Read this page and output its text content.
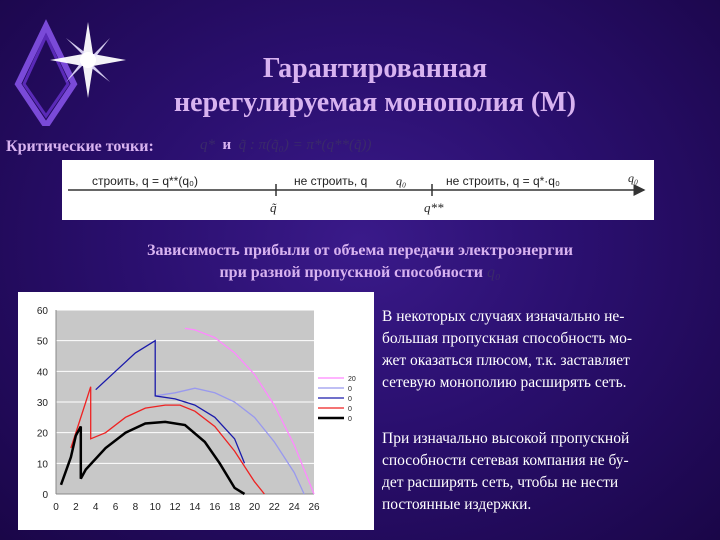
Гарантированная
нерегулируемая монополия (М)
Критические точки:	q* и q̃ : π(q̃₀) = π*(q**(q̃))
строить, q = q**(q₀)	не строить, q q₀	не строить, q = q*·q₀	q₀
q̃	q**
Зависимость прибыли от объема передачи электроэнергии
при разной пропускной способности q₀
0
10
20
30
40
50
60
0 2 4 6 8 10 12 14 16 18 20 22 24 26
20
0
0
0
0
В некоторых случаях изначально не-
большая пропускная способность мо-
жет оказаться плюсом, т.к. заставляет
сетевую монополию расширять сеть.
При изначально высокой пропускной
способности сетевая компания не бу-
дет расширять сеть, чтобы не нести
постоянные издержки.
